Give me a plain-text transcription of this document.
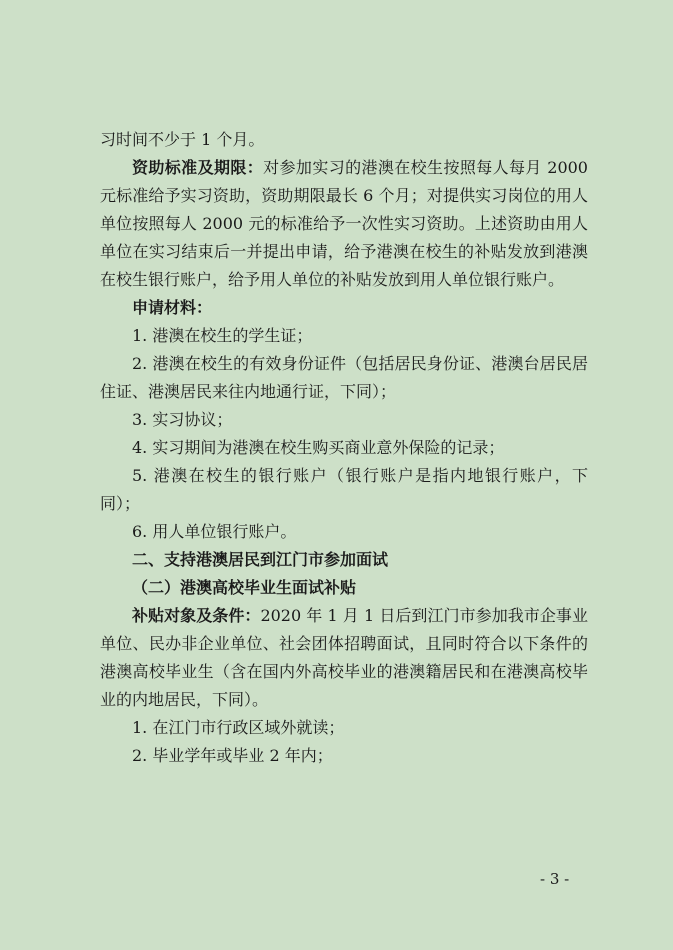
习时间不少于 1 个月。

资助标准及期限：对参加实习的港澳在校生按照每人每月 2000 元标准给予实习资助，资助期限最长 6 个月；对提供实习岗位的用人单位按照每人 2000 元的标准给予一次性实习资助。上述资助由用人单位在实习结束后一并提出申请，给予港澳在校生的补贴发放到港澳在校生银行账户，给予用人单位的补贴发放到用人单位银行账户。

申请材料：

1. 港澳在校生的学生证；

2. 港澳在校生的有效身份证件（包括居民身份证、港澳台居民居住证、港澳居民来往内地通行证，下同）；

3. 实习协议；

4. 实习期间为港澳在校生购买商业意外保险的记录；

5. 港澳在校生的银行账户（银行账户是指内地银行账户，下同）；

6. 用人单位银行账户。

二、支持港澳居民到江门市参加面试

（二）港澳高校毕业生面试补贴

补贴对象及条件：2020 年 1 月 1 日后到江门市参加我市企事业单位、民办非企业单位、社会团体招聘面试，且同时符合以下条件的港澳高校毕业生（含在国内外高校毕业的港澳籍居民和在港澳高校毕业的内地居民，下同）。

1. 在江门市行政区域外就读；

2. 毕业学年或毕业 2 年内；

- 3 -
